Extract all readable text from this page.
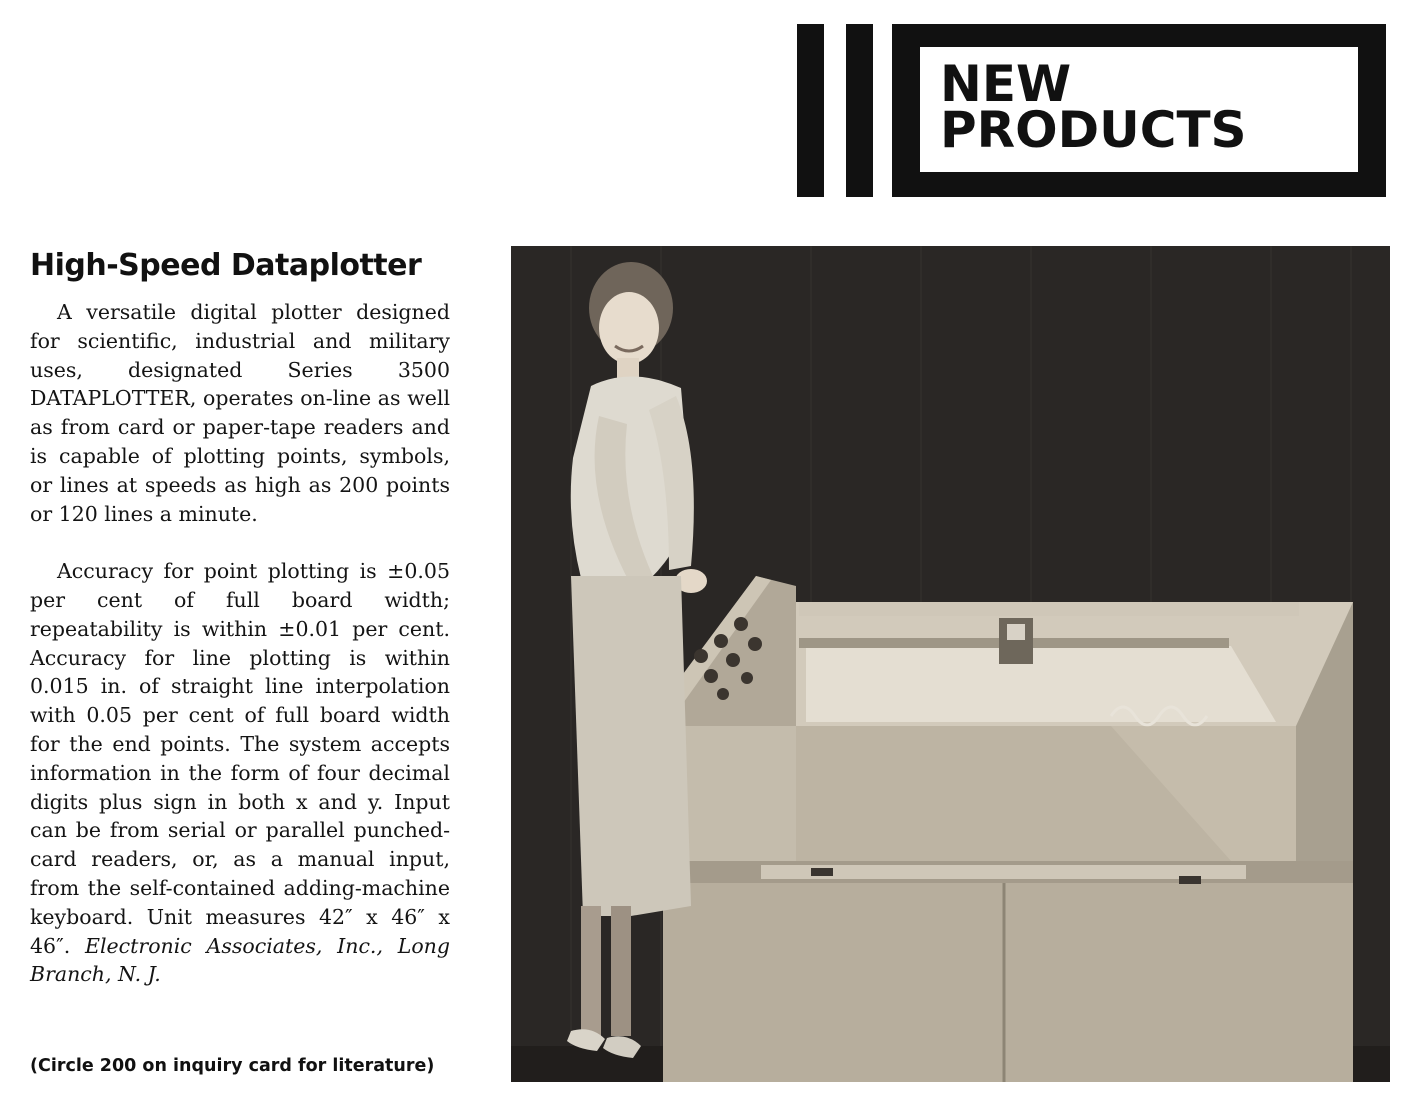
NEW
PRODUCTS
High-Speed Dataplotter

A versatile digital plotter designed for scientific, industrial and military uses, designated Series 3500 DATAPLOTTER, operates on-line as well as from card or paper-tape readers and is capable of plotting points, symbols, or lines at speeds as high as 200 points or 120 lines a minute.

Accuracy for point plotting is ±0.05 per cent of full board width; repeatability is within ±0.01 per cent. Accuracy for line plotting is within 0.015 in. of straight line interpolation with 0.05 per cent of full board width for the end points. The system accepts information in the form of four decimal digits plus sign in both x and y. Input can be from serial or parallel punched-card readers, or, as a manual input, from the self-contained adding-machine keyboard. Unit measures 42″ x 46″ x 46″. Electronic Associates, Inc., Long Branch, N. J.

(Circle 200 on inquiry card for literature)
